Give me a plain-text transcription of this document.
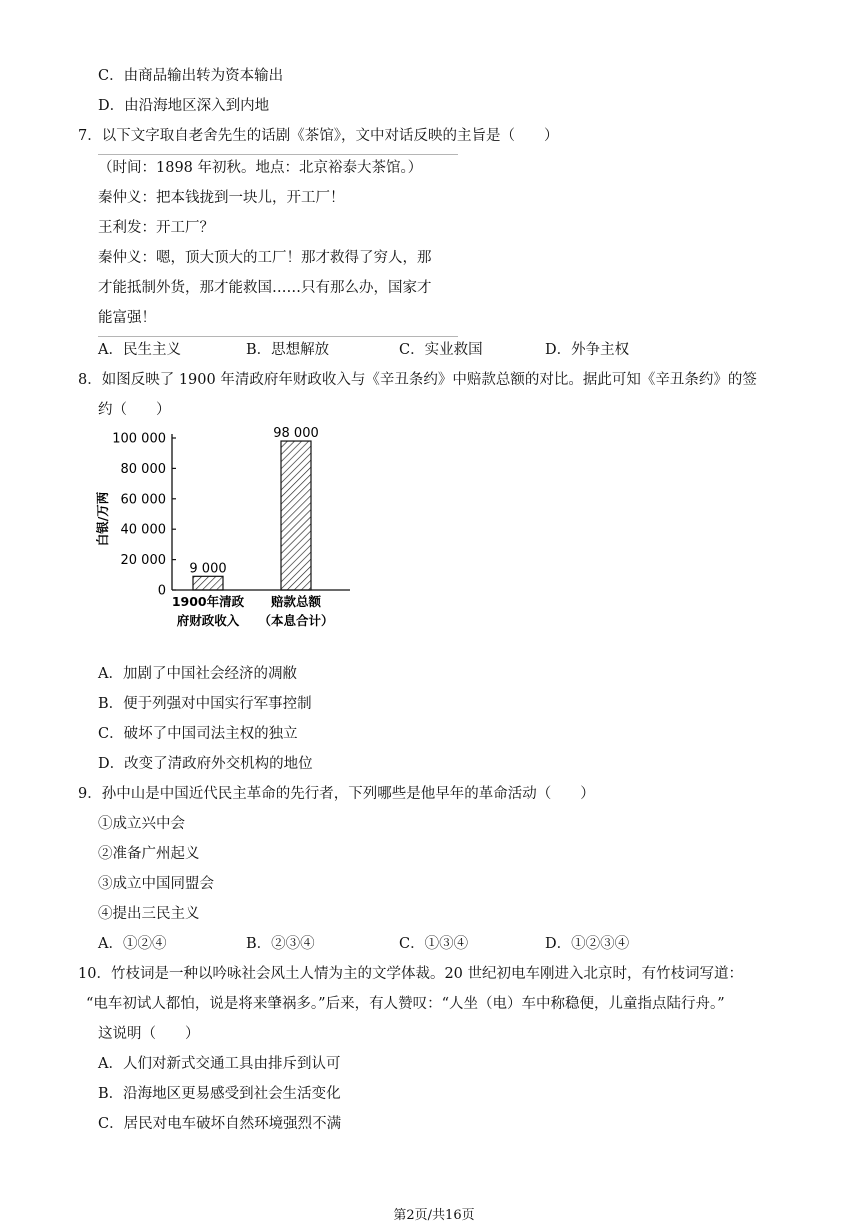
C．由商品输出转为资本输出
D．由沿海地区深入到内地
7．以下文字取自老舍先生的话剧《茶馆》，文中对话反映的主旨是（　　）
（时间：1898 年初秋。地点：北京裕泰大茶馆。）
秦仲义：把本钱拢到一块儿，开工厂！
王利发：开工厂？
秦仲义：嗯，顶大顶大的工厂！那才救得了穷人，那
才能抵制外货，那才能救国……只有那么办，国家才
能富强！
A．民生主义	B．思想解放	C．实业救国	D．外争主权
8．如图反映了 1900 年清政府年财政收入与《辛丑条约》中赔款总额的对比。据此可知《辛丑条约》的签
约（　　）
白银/万两
0
20 000
40 000
60 000
80 000
100 000
9 000
98 000
1900年清政
府财政收入
赔款总额
（本息合计）
A．加剧了中国社会经济的凋敝
B．便于列强对中国实行军事控制
C．破坏了中国司法主权的独立
D．改变了清政府外交机构的地位
9．孙中山是中国近代民主革命的先行者，下列哪些是他早年的革命活动（　　）
①成立兴中会
②准备广州起义
③成立中国同盟会
④提出三民主义
A．①②④	B．②③④	C．①③④	D．①②③④
10．竹枝词是一种以吟咏社会风土人情为主的文学体裁。20 世纪初电车刚进入北京时，有竹枝词写道：
“电车初试人都怕，说是将来肇祸多。”后来，有人赞叹：“人坐（电）车中称稳便，儿童指点陆行舟。”
这说明（　　）
A．人们对新式交通工具由排斥到认可
B．沿海地区更易感受到社会生活变化
C．居民对电车破坏自然环境强烈不满
第2页/共16页
